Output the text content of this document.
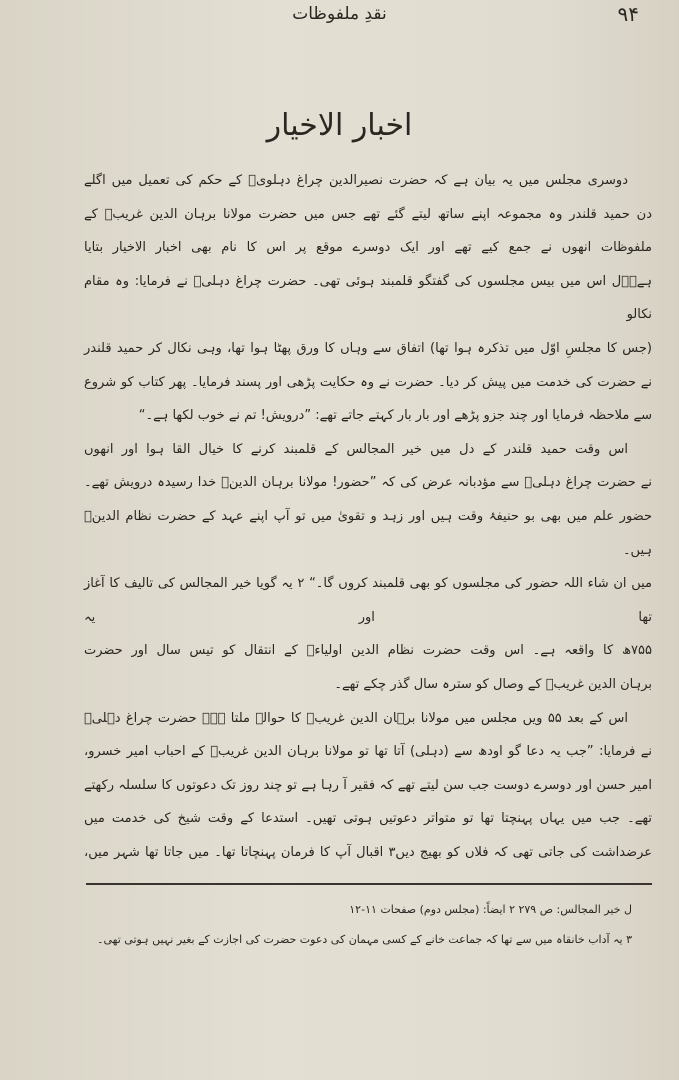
۹۴
نقدِ ملفوظات
اخبار الاخیار
دوسری مجلس میں یہ بیان ہے کہ حضرت نصیرالدین چراغ دہلویؒ کے حکم کی تعمیل میں اگلے
دن حمید قلندر وہ مجموعہ اپنے ساتھ لیتے گئے تھے جس میں حضرت مولانا برہان الدین غریبؒ کے
ملفوظات انھوں نے جمع کیے تھے اور ایک دوسرے موقع پر اس کا نام بھی اخبار الاخیار بتایا
ہے۔ؔل اس میں بیس مجلسوں کی گفتگو قلمبند ہوئی تھی۔ حضرت چراغ دہلیؒ نے فرمایا: وہ مقام نکالو
(جس کا مجلسِ اوّل میں تذکرہ ہوا تھا) اتفاق سے وہاں کا ورق پھٹا ہوا تھا، وہی نکال کر حمید قلندر
نے حضرت کی خدمت میں پیش کر دیا۔ حضرت نے وہ حکایت پڑھی اور پسند فرمایا۔ پھر کتاب کو شروع
سے ملاحظہ فرمایا اور چند جزو پڑھے اور بار بار کہتے جاتے تھے: ”درویش! تم نے خوب لکھا ہے۔“
اس وقت حمید قلندر کے دل میں خیر المجالس کے قلمبند کرنے کا خیال القا ہوا اور انھوں
نے حضرت چراغ دہلیؒ سے مؤدبانہ عرض کی کہ ”حضور! مولانا برہان الدینؒ خدا رسیدہ درویش تھے۔
حضور علم میں بھی بو حنیفۂ وقت ہیں اور زہد و تقویٰ میں تو آپ اپنے عہد کے حضرت نظام الدینؒ ہیں۔
میں ان شاء اللہ حضور کی مجلسوں کو بھی قلمبند کروں گا۔“ ۲ یہ گویا خیر المجالس کی تالیف کا آغاز تھا اور یہ
۷۵۵ھ کا واقعہ ہے۔ اس وقت حضرت نظام الدین اولیاءؒ کے انتقال کو تیس سال اور حضرت
برہان الدین غریبؒ کے وصال کو سترہ سال گذر چکے تھے۔
اس کے بعد ۵۵ ویں مجلس میں مولانا برہان الدین غریبؒ کا حوالہ ملتا ہے۔ حضرت چراغ دہلیؒ
نے فرمایا: ”جب یہ دعا گو اودھ سے (دہلی) آتا تھا تو مولانا برہان الدین غریبؒ کے احباب امیر خسرو،
امیر حسن اور دوسرے دوست جب سن لیتے تھے کہ فقیر آ رہا ہے تو چند روز تک دعوتوں کا سلسلہ رکھتے
تھے۔ جب میں یہاں پہنچتا تھا تو متواتر دعوتیں ہوتی تھیں۔ استدعا کے وقت شیخ کی خدمت میں
عرضداشت کی جاتی تھی کہ فلاں کو بھیج دیں۳ اقبال آپ کا فرمان پہنچاتا تھا۔ میں جاتا تھا شہر میں،
ل خیر المجالس: ص ۲۷۹ ۲ ایضاً: (مجلس دوم) صفحات ۱۱-۱۲
۳ یہ آداب خانقاہ میں سے تھا کہ جماعت خانے کے کسی مہمان کی دعوت حضرت کی اجازت کے بغیر نہیں ہوتی تھی۔
